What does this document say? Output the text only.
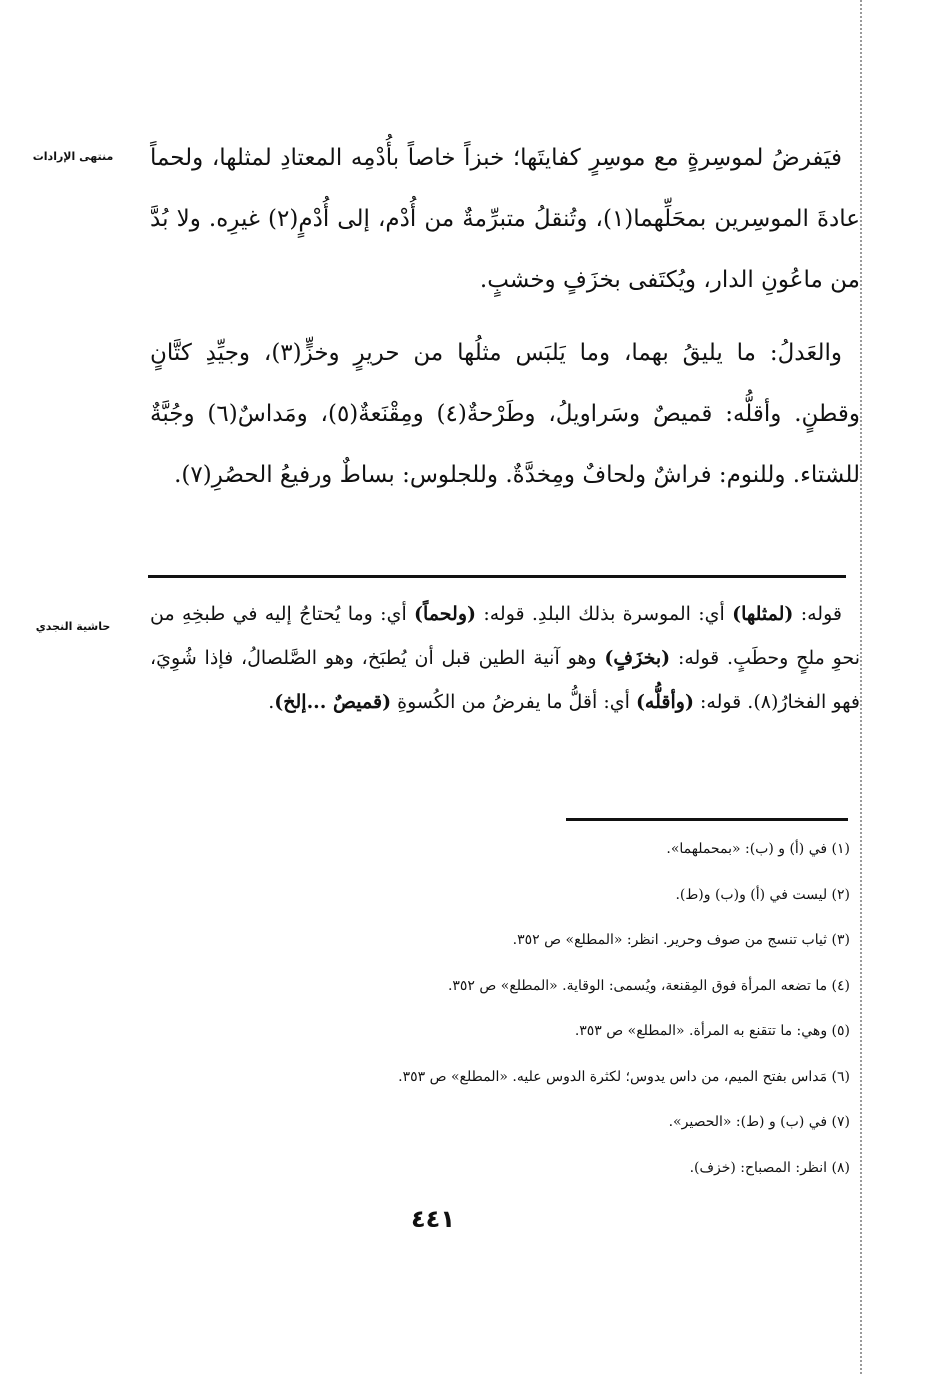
منتهى الإرادات
حاشية النجدي

فيَفرضُ لموسِرةٍ مع موسِرٍ كفايتَها؛ خبزاً خاصاً بأُدْمِه المعتادِ لمثلها، ولحماً عادةَ الموسِرين بمحَلِّهما(١)، وتُنقلُ متبرِّمةٌ من أُدْم، إلى أُدْمٍ(٢) غيرِه. ولا بُدَّ من ماعُونِ الدار، ويُكتَفى بخزَفٍ وخشبٍ.

والعَدلُ: ما يليقُ بهما، وما يَلبَس مثلُها من حريرٍ وخزٍّ(٣)، وجيِّدِ كتَّانٍ وقطنٍ. وأقلُّه: قميصٌ وسَراويلُ، وطَرْحةٌ(٤) ومِقْنَعةٌ(٥)، ومَداسٌ(٦) وجُبَّةٌ للشتاء. وللنوم: فراشٌ ولحافٌ ومِخدَّةٌ. وللجلوس: بساطٌ ورفيعُ الحصُرِ(٧).

قوله: (لمثلها) أي: الموسرة بذلك البلدِ. قوله: (ولحماً) أي: وما يُحتاجُ إليه في طبخِهِ من نحوِ ملحٍ وحطَبٍ. قوله: (بخزَفٍ) وهو آنية الطين قبل أن يُطبَخ، وهو الصَّلصالُ، فإذا شُوِيَ، فهو الفخارُ(٨). قوله: (وأقلُّه) أي: أقلُّ ما يفرضُ من الكُسوةِ (قميصٌ ...إلخ).

(١) في (أ) و (ب): «بمحملهما».
(٢) ليست في (أ) و(ب) و(ط).
(٣) ثياب تنسج من صوف وحرير. انظر: «المطلع» ص ٣٥٢.
(٤) ما تضعه المرأة فوق المِقنعة، ويُسمى: الوقاية. «المطلع» ص ٣٥٢.
(٥) وهي: ما تتقنع به المرأة. «المطلع» ص ٣٥٣.
(٦) مَداس بفتح الميم، من داس يدوس؛ لكثرة الدوس عليه. «المطلع» ص ٣٥٣.
(٧) في (ب) و (ط): «الحصير».
(٨) انظر: المصباح: (خزف).
٤٤١
